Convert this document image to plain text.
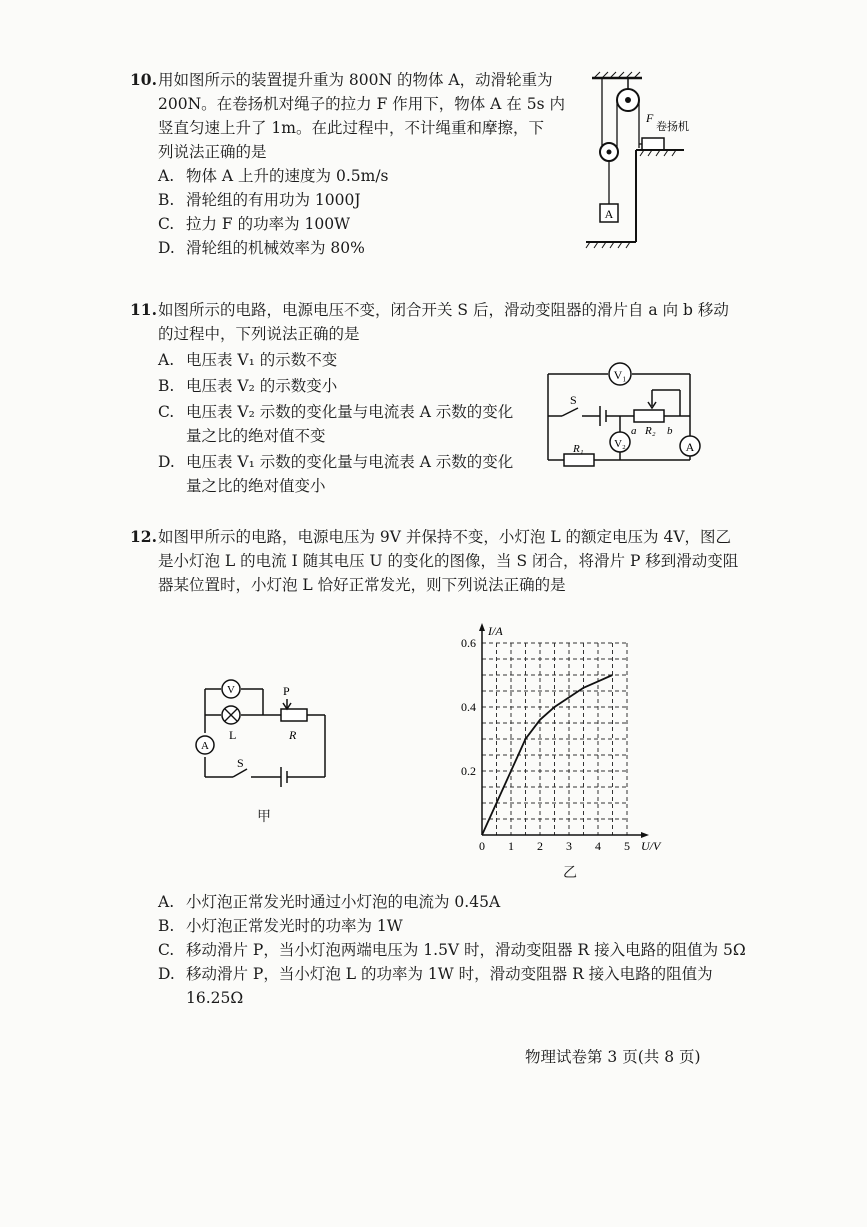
10.用如图所示的装置提升重为 800N 的物体 A，动滑轮重为
200N。在卷扬机对绳子的拉力 F 作用下，物体 A 在 5s 内
竖直匀速上升了 1m。在此过程中，不计绳重和摩擦，下
列说法正确的是
A. 物体 A 上升的速度为 0.5m/s
B. 滑轮组的有用功为 1000J
C. 拉力 F 的功率为 100W
D. 滑轮组的机械效率为 80%
A
F
卷扬机
11.如图所示的电路，电源电压不变，闭合开关 S 后，滑动变阻器的滑片自 a 向 b 移动
的过程中，下列说法正确的是
A. 电压表 V₁ 的示数不变
B. 电压表 V₂ 的示数变小
C. 电压表 V₂ 示数的变化量与电流表 A 示数的变化
量之比的绝对值不变
D. 电压表 V₁ 示数的变化量与电流表 A 示数的变化
量之比的绝对值变小
V₁
V₂	A
S
a	b
R₂
R₁
12.如图甲所示的电路，电源电压为 9V 并保持不变，小灯泡 L 的额定电压为 4V，图乙
是小灯泡 L 的电流 I 随其电压 U 的变化的图像，当 S 闭合，将滑片 P 移到滑动变阻
器某位置时，小灯泡 L 恰好正常发光，则下列说法正确的是
V
A
L
P
R
S
甲
0 1 2 3 4 5
0.2
0.4
0.6
U/V
I/A
乙
A. 小灯泡正常发光时通过小灯泡的电流为 0.45A
B. 小灯泡正常发光时的功率为 1W
C. 移动滑片 P，当小灯泡两端电压为 1.5V 时，滑动变阻器 R 接入电路的阻值为 5Ω
D. 移动滑片 P，当小灯泡 L 的功率为 1W 时，滑动变阻器 R 接入电路的阻值为
16.25Ω
物理试卷第 3 页(共 8 页)
